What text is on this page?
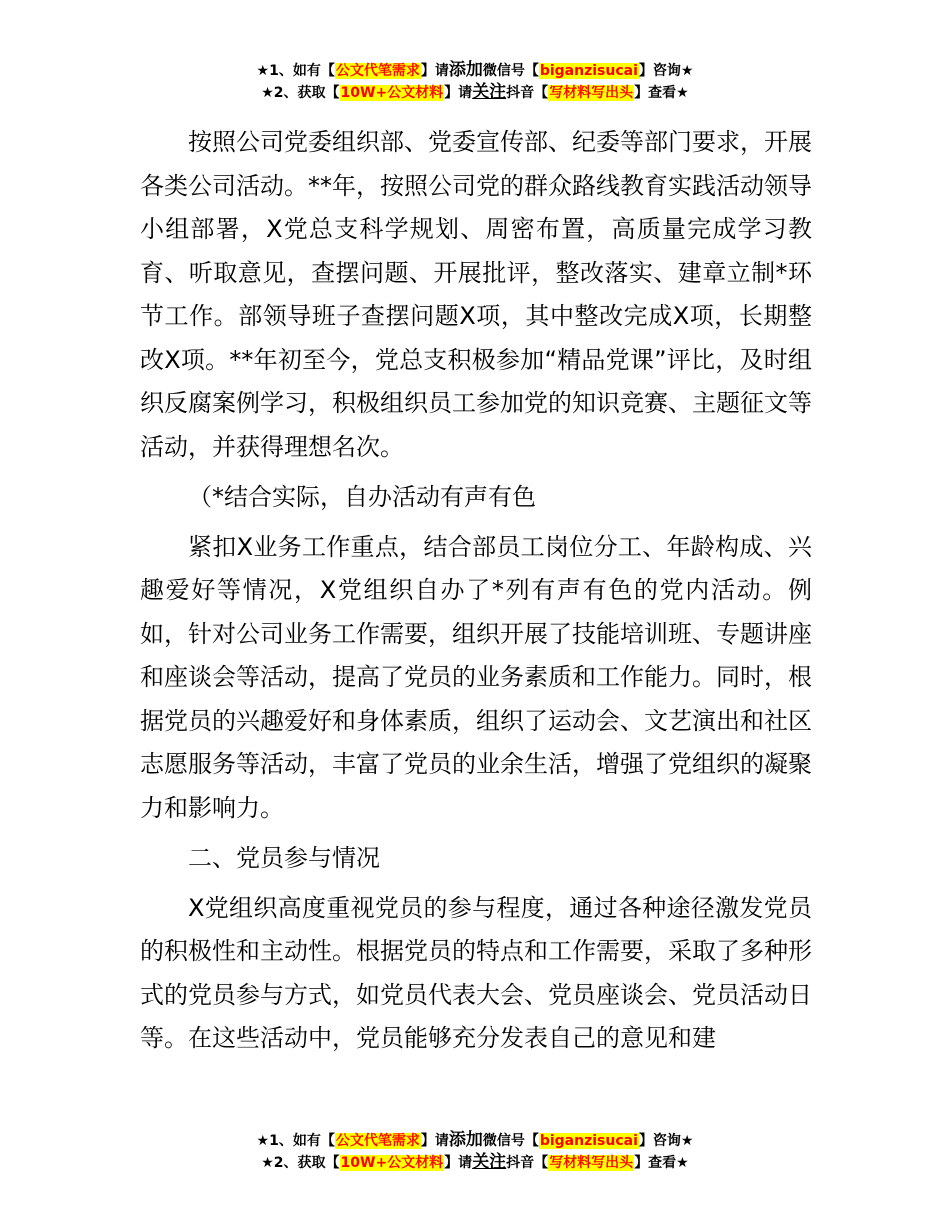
★1、如有【公文代笔需求】请添加微信号【biganzisucai】咨询★
★2、获取【10W+公文材料】请关注抖音【写材料写出头】查看★

按照公司党委组织部、党委宣传部、纪委等部门要求，开展各类公司活动。**年，按照公司党的群众路线教育实践活动领导小组部署，X党总支科学规划、周密布置，高质量完成学习教育、听取意见，查摆问题、开展批评，整改落实、建章立制*环节工作。部领导班子查摆问题X项，其中整改完成X项，长期整改X项。**年初至今，党总支积极参加“精品党课”评比，及时组织反腐案例学习，积极组织员工参加党的知识竞赛、主题征文等活动，并获得理想名次。

（*结合实际，自办活动有声有色

紧扣X业务工作重点，结合部员工岗位分工、年龄构成、兴趣爱好等情况，X党组织自办了*列有声有色的党内活动。例如，针对公司业务工作需要，组织开展了技能培训班、专题讲座和座谈会等活动，提高了党员的业务素质和工作能力。同时，根据党员的兴趣爱好和身体素质，组织了运动会、文艺演出和社区志愿服务等活动，丰富了党员的业余生活，增强了党组织的凝聚力和影响力。

二、党员参与情况

X党组织高度重视党员的参与程度，通过各种途径激发党员的积极性和主动性。根据党员的特点和工作需要，采取了多种形式的党员参与方式，如党员代表大会、党员座谈会、党员活动日等。在这些活动中，党员能够充分发表自己的意见和建

★1、如有【公文代笔需求】请添加微信号【biganzisucai】咨询★
★2、获取【10W+公文材料】请关注抖音【写材料写出头】查看★
